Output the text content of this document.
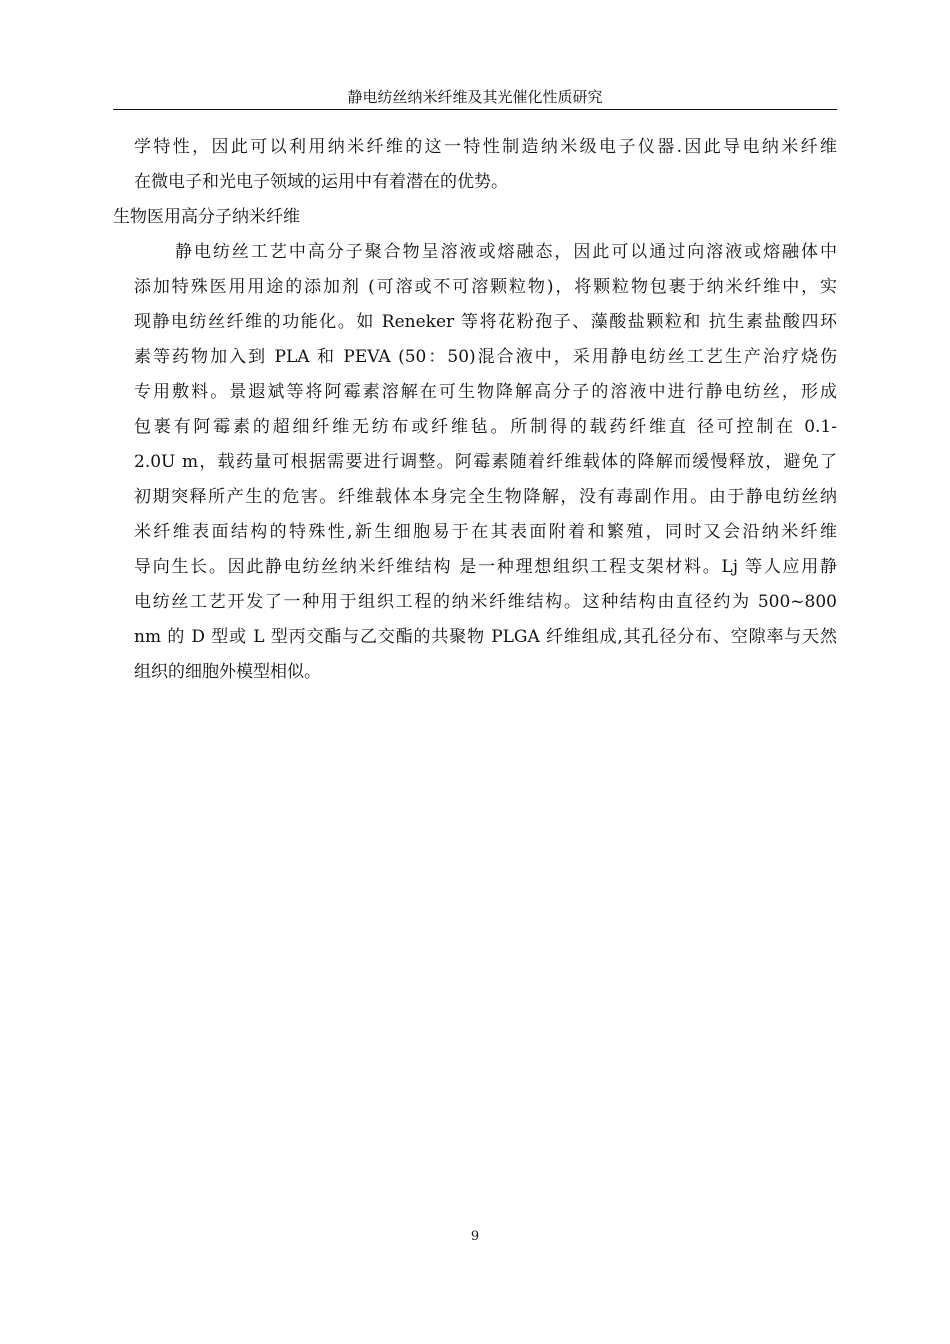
静电纺丝纳米纤维及其光催化性质研究
学特性，因此可以利用纳米纤维的这一特性制造纳米级电子仪器.因此导电纳米纤维
在微电子和光电子领域的运用中有着潜在的优势。
生物医用高分子纳米纤维
静电纺丝工艺中高分子聚合物呈溶液或熔融态，因此可以通过向溶液或熔融体中
添加特殊医用用途的添加剂 (可溶或不可溶颗粒物)，将颗粒物包裹于纳米纤维中，实
现静电纺丝纤维的功能化。如 Reneker 等将花粉孢子、藻酸盐颗粒和 抗生素盐酸四环
素等药物加入到 PLA 和 PEVA (50：50)混合液中，采用静电纺丝工艺生产治疗烧伤
专用敷料。景遐斌等将阿霉素溶解在可生物降解高分子的溶液中进行静电纺丝，形成
包裹有阿霉素的超细纤维无纺布或纤维毡。所制得的载药纤维直 径可控制在 0.1-
2.0U m，载药量可根据需要进行调整。阿霉素随着纤维载体的降解而缓慢释放，避免了
初期突释所产生的危害。纤维载体本身完全生物降解，没有毒副作用。由于静电纺丝纳
米纤维表面结构的特殊性,新生细胞易于在其表面附着和繁殖，同时又会沿纳米纤维
导向生长。因此静电纺丝纳米纤维结构 是一种理想组织工程支架材料。Lj 等人应用静
电纺丝工艺开发了一种用于组织工程的纳米纤维结构。这种结构由直径约为 500~800
nm 的 D 型或 L 型丙交酯与乙交酯的共聚物 PLGA 纤维组成,其孔径分布、空隙率与天然
组织的细胞外模型相似。
9
